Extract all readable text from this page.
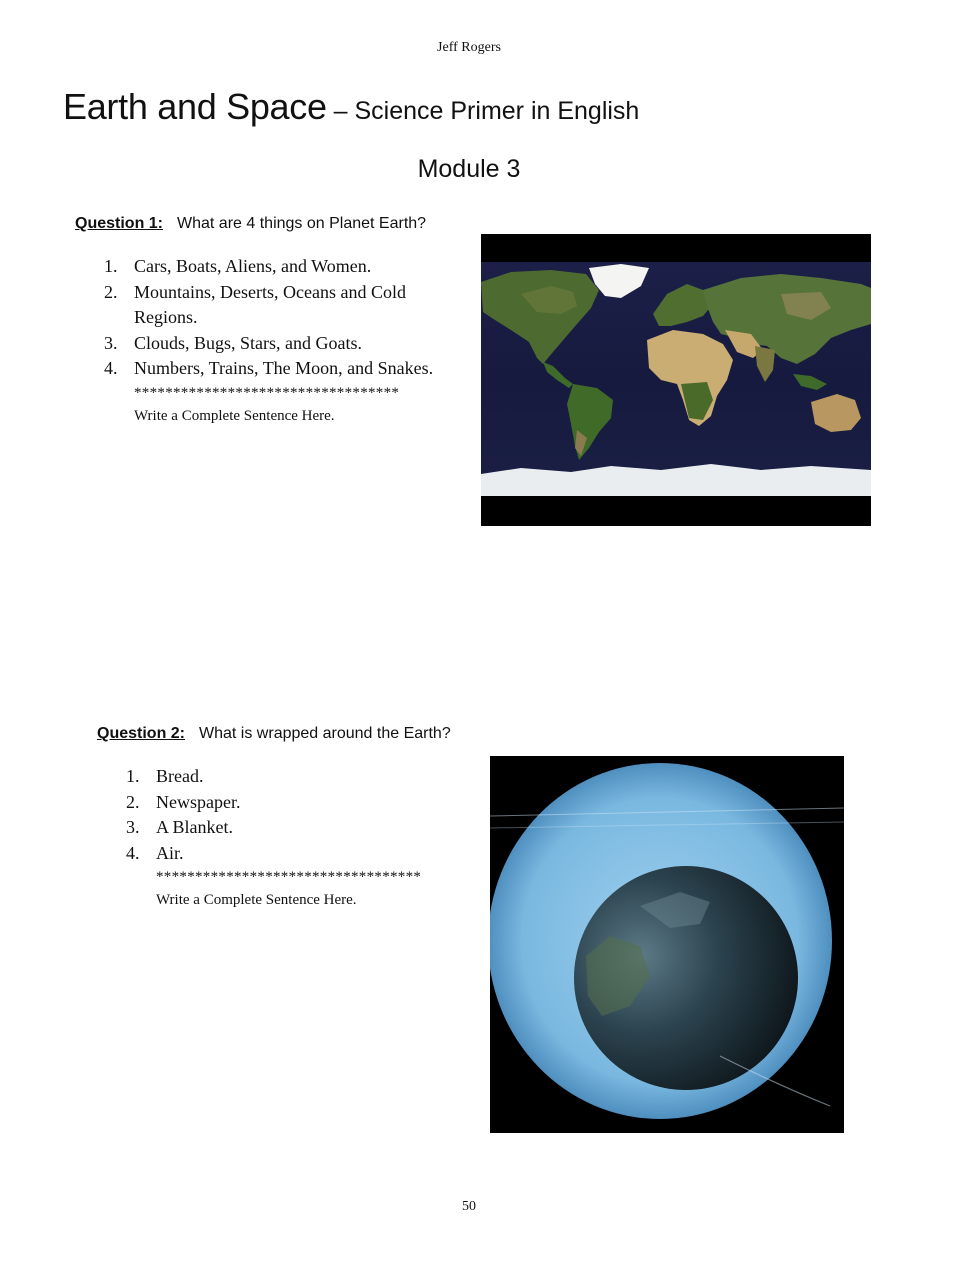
Jeff Rogers
Earth and Space – Science Primer in English
Module 3
Question 1: What are 4 things on Planet Earth?
1. Cars, Boats, Aliens, and Women.
2. Mountains, Deserts, Oceans and Cold Regions.
3. Clouds, Bugs, Stars, and Goats.
4. Numbers, Trains, The Moon, and Snakes.
**********************************
Write a Complete Sentence Here.
Question 2: What is wrapped around the Earth?
1. Bread.
2. Newspaper.
3. A Blanket.
4. Air.
**********************************
Write a Complete Sentence Here.
50
